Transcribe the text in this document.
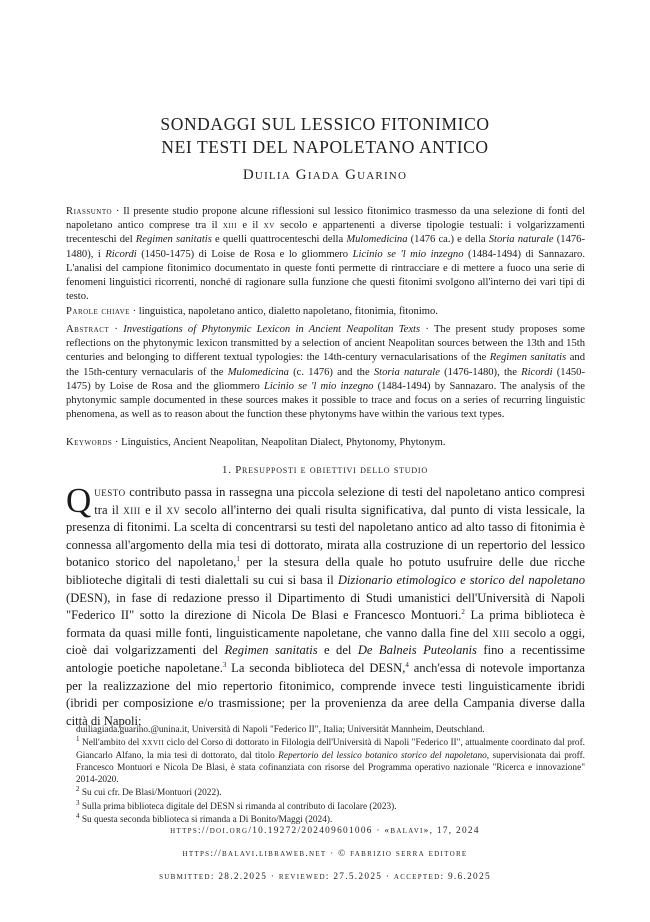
SONDAGGI SUL LESSICO FITONIMICO
NEI TESTI DEL NAPOLETANO ANTICO
Duilia Giada Guarino
Riassunto · Il presente studio propone alcune riflessioni sul lessico fitonimico trasmesso da una selezione di fonti del napoletano antico comprese tra il xiii e il xv secolo e appartenenti a diverse tipologie testuali: i volgarizzamenti trecenteschi del Regimen sanitatis e quelli quattrocenteschi della Mulomedicina (1476 ca.) e della Storia naturale (1476-1480), i Ricordi (1450-1475) di Loise de Rosa e lo gliommero Licinio se 'l mio inzegno (1484-1494) di Sannazaro. L'analisi del campione fitonimico documentato in queste fonti permette di rintracciare e di mettere a fuoco una serie di fenomeni linguistici ricorrenti, nonché di ragionare sulla funzione che questi fitonimi svolgono all'interno dei vari tipi di testo.
Parole chiave · linguistica, napoletano antico, dialetto napoletano, fitonimia, fitonimo.
Abstract · Investigations of Phytonymic Lexicon in Ancient Neapolitan Texts · The present study proposes some reflections on the phytonymic lexicon transmitted by a selection of ancient Neapolitan sources between the 13th and 15th centuries and belonging to different textual typologies: the 14th-century vernacularisations of the Regimen sanitatis and the 15th-century vernacularis of the Mulomedicina (c. 1476) and the Storia naturale (1476-1480), the Ricordi (1450-1475) by Loise de Rosa and the gliommero Licinio se 'l mio inzegno (1484-1494) by Sannazaro. The analysis of the phytonymic sample documented in these sources makes it possible to trace and focus on a series of recurring linguistic phenomena, as well as to reason about the function these phytonyms have within the various text types.
Keywords · Linguistics, Ancient Neapolitan, Neapolitan Dialect, Phytonomy, Phytonym.
1. Presupposti e obiettivi dello studio
Questo contributo passa in rassegna una piccola selezione di testi del napoletano antico compresi tra il xiii e il xv secolo all'interno dei quali risulta significativa, dal punto di vista lessicale, la presenza di fitonimi. La scelta di concentrarsi su testi del napoletano antico ad alto tasso di fitonimia è connessa all'argomento della mia tesi di dottorato, mirata alla costruzione di un repertorio del lessico botanico storico del napoletano,$^1$ per la stesura della quale ho potuto usufruire delle due ricche biblioteche digitali di testi dialettali su cui si basa il Dizionario etimologico e storico del napoletano (DESN), in fase di redazione presso il Dipartimento di Studi umanistici dell'Università di Napoli "Federico II" sotto la direzione di Nicola De Blasi e Francesco Montuori.$^2$ La prima biblioteca è formata da quasi mille fonti, linguisticamente napoletane, che vanno dalla fine del xiii secolo a oggi, cioè dai volgarizzamenti del Regimen sanitatis e del De Balneis Puteolanis fino a recentissime antologie poetiche napoletane.$^3$ La seconda biblioteca del DESN,$^4$ anch'essa di notevole importanza per la realizzazione del mio repertorio fitonimico, comprende invece testi linguisticamente ibridi (ibridi per composizione e/o trasmissione; per la provenienza da aree della Campania diverse dalla città di Napoli;

duiliagiada.guarino.@unina.it, Università di Napoli "Federico II", Italia; Universität Mannheim, Deutschland.

$^1$ Nell'ambito del xxvii ciclo del Corso di dottorato in Filologia dell'Università di Napoli "Federico II", attualmente coordinato dal prof. Giancarlo Alfano, la mia tesi di dottorato, dal titolo Repertorio del lessico botanico storico del napoletano, supervisionata dai proff. Francesco Montuori e Nicola De Blasi, è stata cofinanziata con risorse del Programma operativo nazionale "Ricerca e innovazione" 2014-2020.

$^2$ Su cui cfr. De Blasi/Montuori (2022).

$^3$ Sulla prima biblioteca digitale del DESN si rimanda al contributo di Iacolare (2023).

$^4$ Su questa seconda biblioteca si rimanda a Di Bonito/Maggi (2024).

https://doi.org/10.19272/202409601006 · «balavi», 17, 2024
https://balavi.libraweb.net · © fabrizio serra editore
submitted: 28.2.2025 · reviewed: 27.5.2025 · accepted: 9.6.2025
